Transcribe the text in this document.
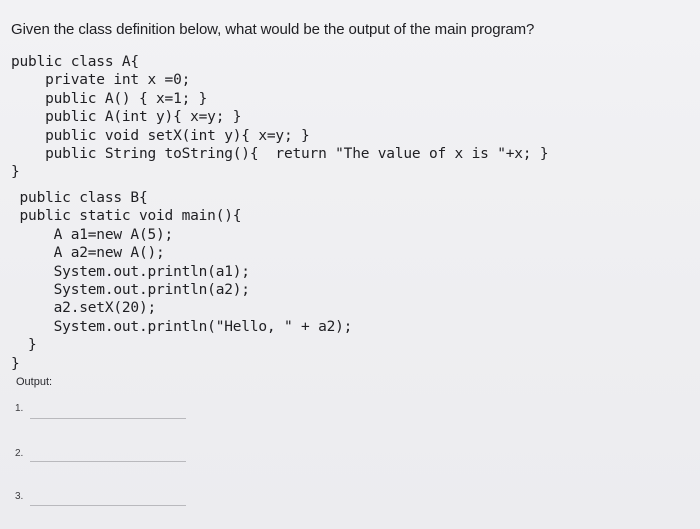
Given the class definition below, what would be the output of the main program?
public class A{
private int x =0;
public A() { x=1; }
public A(int y){ x=y; }
public void setX(int y){ x=y; }
public String toString(){  return "The value of x is "+x; }
}
public class B{
public static void main(){
A a1=new A(5);
A a2=new A();
System.out.println(a1);
System.out.println(a2);
a2.setX(20);
System.out.println("Hello, " + a2);
}
}
Output:
1.
2.
3.
